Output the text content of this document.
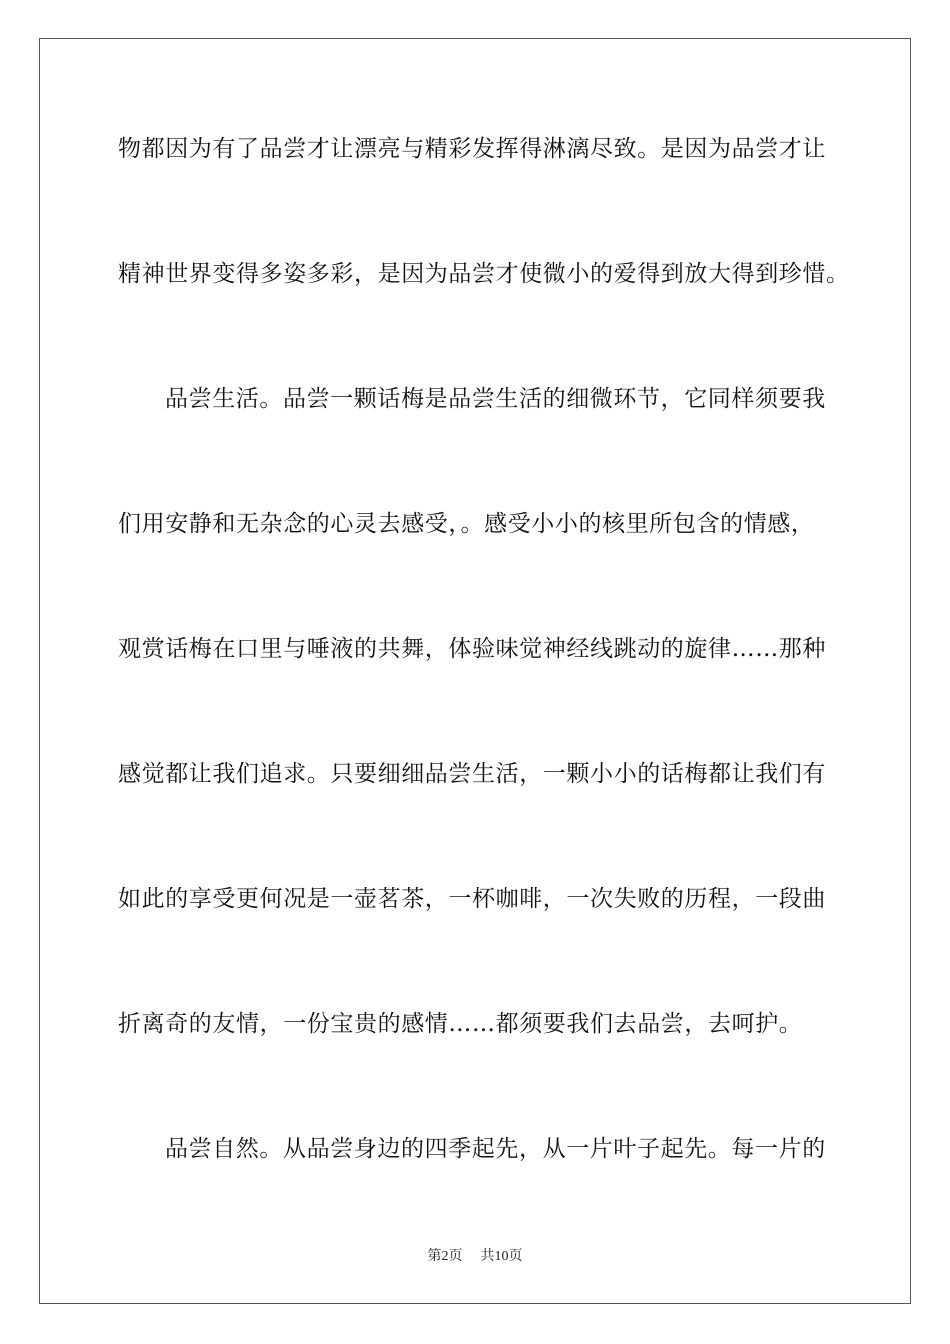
物都因为有了品尝才让漂亮与精彩发挥得淋漓尽致。是因为品尝才让
精神世界变得多姿多彩，是因为品尝才使微小的爱得到放大得到珍惜。
品尝生活。品尝一颗话梅是品尝生活的细微环节，它同样须要我
们用安静和无杂念的心灵去感受，。感受小小的核里所包含的情感，
观赏话梅在口里与唾液的共舞，体验味觉神经线跳动的旋律……那种
感觉都让我们追求。只要细细品尝生活，一颗小小的话梅都让我们有
如此的享受更何况是一壶茗茶，一杯咖啡，一次失败的历程，一段曲
折离奇的友情，一份宝贵的感情……都须要我们去品尝，去呵护。
品尝自然。从品尝身边的四季起先，从一片叶子起先。每一片的
第2页 共10页
